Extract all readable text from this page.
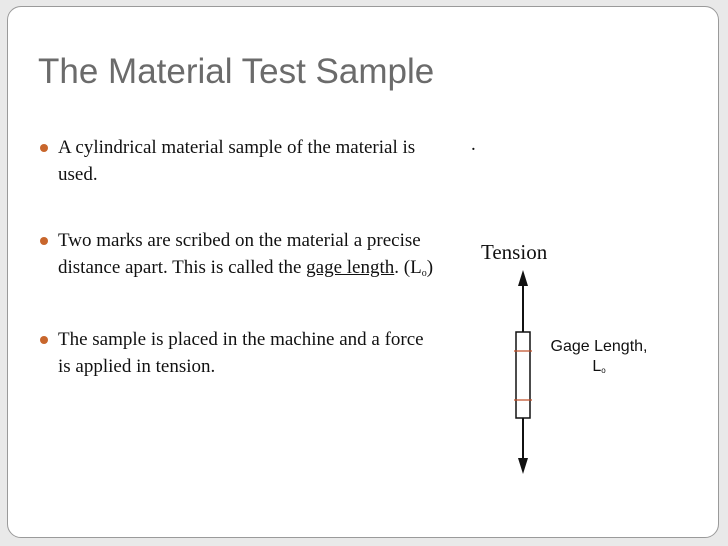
The Material Test Sample
A cylindrical material sample of the material is used.
Two marks are scribed on the material a precise distance apart. This is called the gage length. $(L_o)$
The sample is placed in the machine and a force is applied in tension.
.
Tension
Gage Length,
Lo
